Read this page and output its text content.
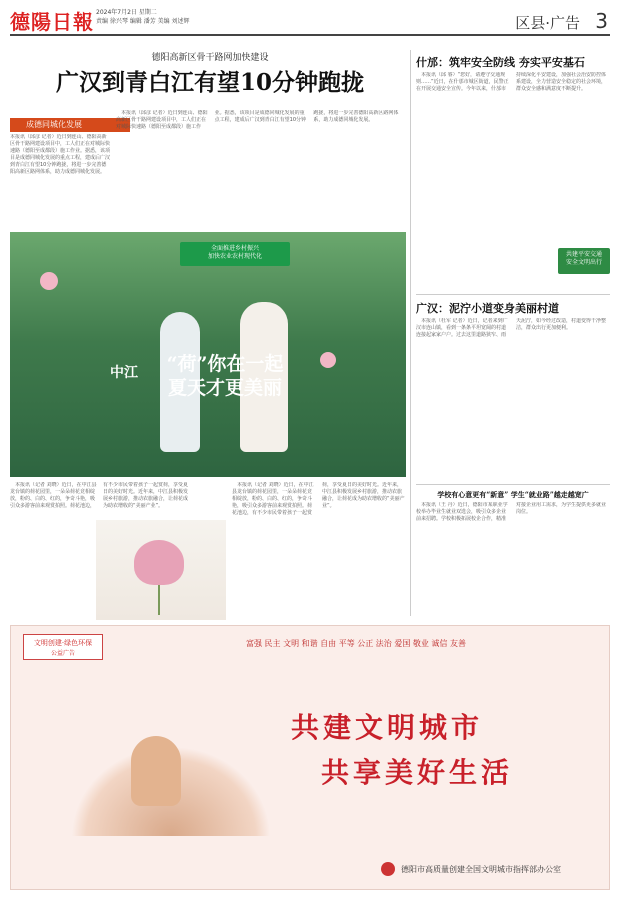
德陽日報 2024年7月2日 星期二
责编 徐兴琴 编辑 潘芳 美编 刘述辉	区县·广告 3
德阳高新区骨干路网加快建设
广汉到青白江有望10分钟跑拢
成德同城化发展
本报讯（邱彦 记者）近日到连山、德阳高新区骨干路网建设项目中，工人们正在对城际快速路（德阳至成都段）施工作业。据悉，该项目是成德同城化发展的重点工程，建成后广汉到青白江有望10分钟跑拢，将进一步完善德阳高新区路网体系，助力成德同城化发展。

本报讯（邱彦 记者）近日到连山、德阳高新区骨干路网建设项目中，工人们正在对城际快速路（德阳至成都段）施工作业。据悉，该项目是成德同城化发展的重点工程，建成后广汉到青白江有望10分钟跑拢，将进一步完善德阳高新区路网体系，助力成德同城化发展。

全面推进乡村振兴
加快农业农村现代化
中江	“荷”你在一起
夏天才更美丽

本报讯（记者 刘晓）近日，在中江县龙台镇的荷花园里，一朵朵荷花竞相绽放，粉的、白的、红的，争奇斗艳，吸引众多游客前来观赏拍照。荷花池边，有不少市民带着孩子一起赏荷，享受夏日的美好时光。近年来，中江县积极发展乡村旅游，推动农旅融合，让荷花成为助农增收的“美丽产业”。

本报讯（记者 刘晓）近日，在中江县龙台镇的荷花园里，一朵朵荷花竞相绽放，粉的、白的、红的，争奇斗艳，吸引众多游客前来观赏拍照。荷花池边，有不少市民带着孩子一起赏荷，享受夏日的美好时光。近年来，中江县积极发展乡村旅游，推动农旅融合，让荷花成为助农增收的“美丽产业”。

什邡：筑牢安全防线 夯实平安基石

本报讯（邱 睿）“您好，请遵守交通规则……”近日，在什邡市城区街道，民警正在开展交通安全宣传。今年以来，什邡市持续深化平安建设，加强社会治安防控体系建设，全力营造安全稳定的社会环境，群众安全感和满意度不断提升。

共建平安交通
安全文明出行
广汉：泥泞小道变身美丽村道

本报讯（杜军 记者）近日，记者来到广汉市连山镇，看到一条条平坦宽阔的村道连接起家家户户。过去这里道路狭窄、雨天泥泞，如今经过改造，村道变得干净整洁，群众出行更加便利。

学校有心意更有“新意” 学生“就业路”越走越宽广

本报讯（王 丹）近日，德阳市某职业学校举办毕业生就业双选会，吸引众多企业前来招聘。学校积极拓展校企合作，精准对接企业用工需求，为学生提供更多就业岗位。

文明创建·绿色环保
公益广告
富强 民主 文明 和谐 自由 平等 公正 法治 爱国 敬业 诚信 友善
共建文明城市
共享美好生活
德阳市高质量创建全国文明城市指挥部办公室
